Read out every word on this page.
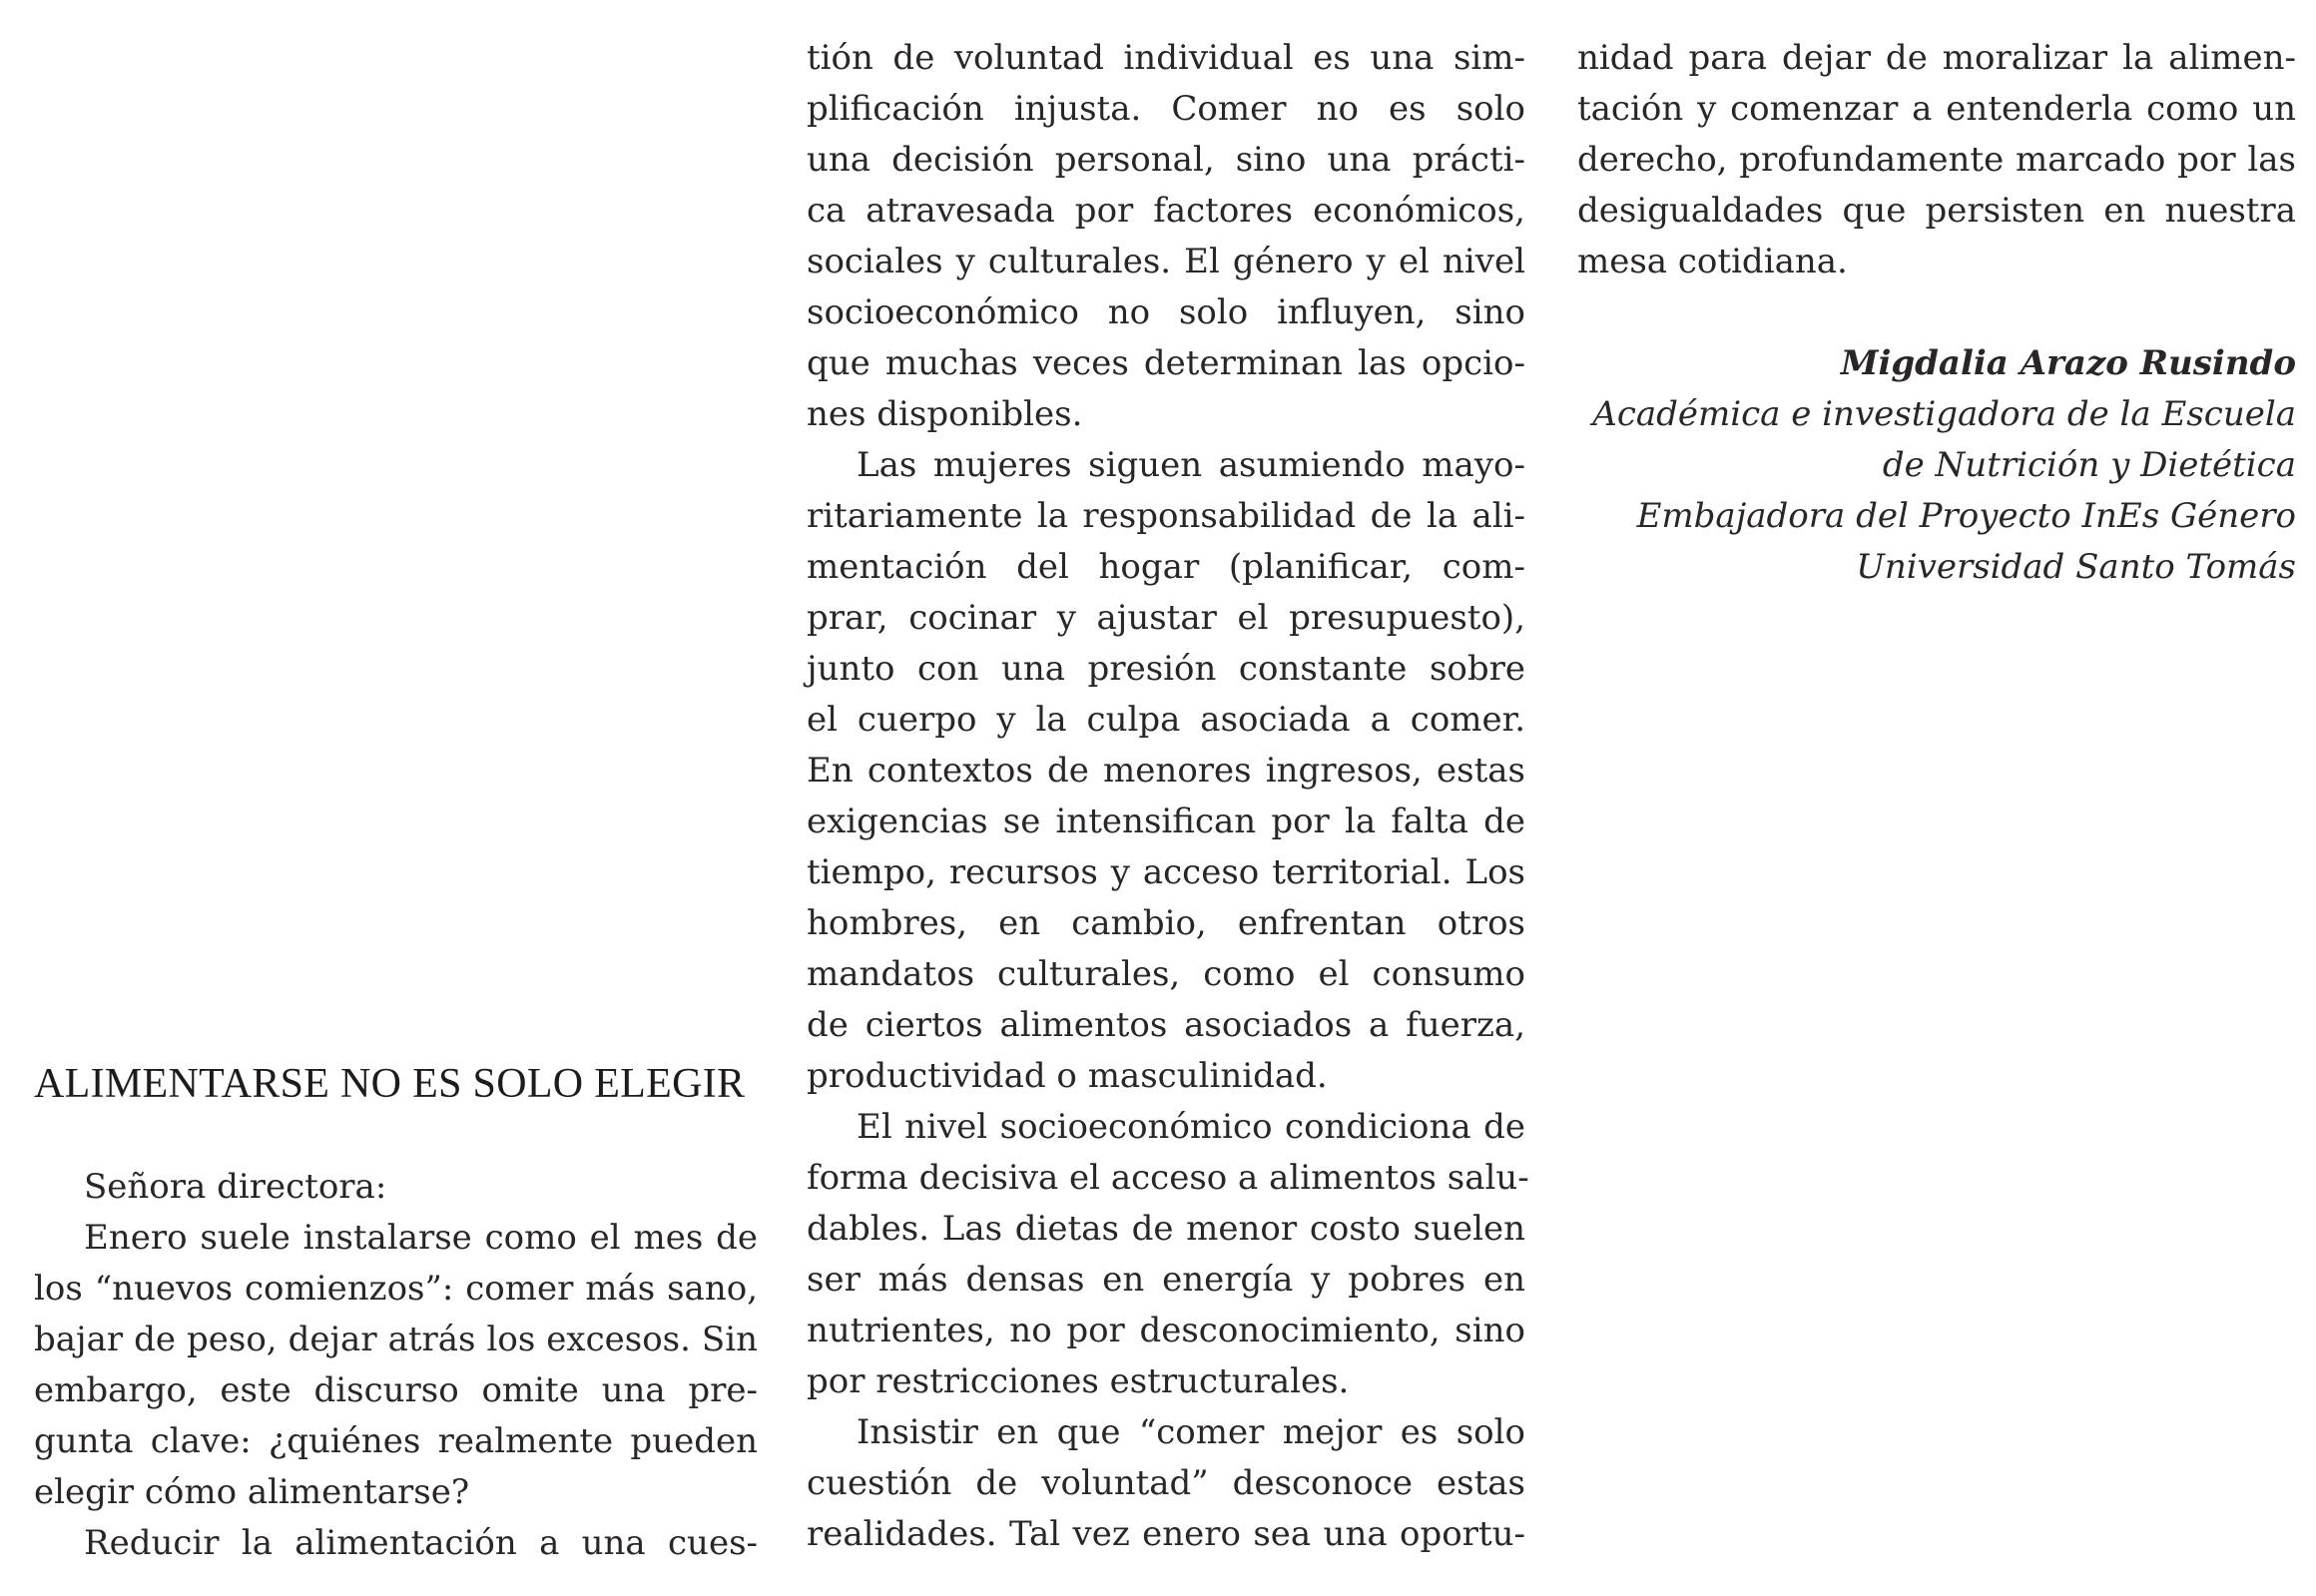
ALIMENTARSE NO ES SOLO ELEGIR

Señora directora:

Enero suele instalarse como el mes de

los “nuevos comienzos”: comer más sano,

bajar de peso, dejar atrás los excesos. Sin

embargo, este discurso omite una pre-

gunta clave: ¿quiénes realmente pueden

elegir cómo alimentarse?

Reducir la alimentación a una cues-

tión de voluntad individual es una sim-

plificación injusta. Comer no es solo

una decisión personal, sino una prácti-

ca atravesada por factores económicos,

sociales y culturales. El género y el nivel

socioeconómico no solo influyen, sino

que muchas veces determinan las opcio-

nes disponibles.

Las mujeres siguen asumiendo mayo-

ritariamente la responsabilidad de la ali-

mentación del hogar (planificar, com-

prar, cocinar y ajustar el presupuesto),

junto con una presión constante sobre

el cuerpo y la culpa asociada a comer.

En contextos de menores ingresos, estas

exigencias se intensifican por la falta de

tiempo, recursos y acceso territorial. Los

hombres, en cambio, enfrentan otros

mandatos culturales, como el consumo

de ciertos alimentos asociados a fuerza,

productividad o masculinidad.

El nivel socioeconómico condiciona de

forma decisiva el acceso a alimentos salu-

dables. Las dietas de menor costo suelen

ser más densas en energía y pobres en

nutrientes, no por desconocimiento, sino

por restricciones estructurales.

Insistir en que “comer mejor es solo

cuestión de voluntad” desconoce estas

realidades. Tal vez enero sea una oportu-

nidad para dejar de moralizar la alimen-

tación y comenzar a entenderla como un

derecho, profundamente marcado por las

desigualdades que persisten en nuestra

mesa cotidiana.

Migdalia Arazo Rusindo

Académica e investigadora de la Escuela

de Nutrición y Dietética

Embajadora del Proyecto InEs Género

Universidad Santo Tomás
